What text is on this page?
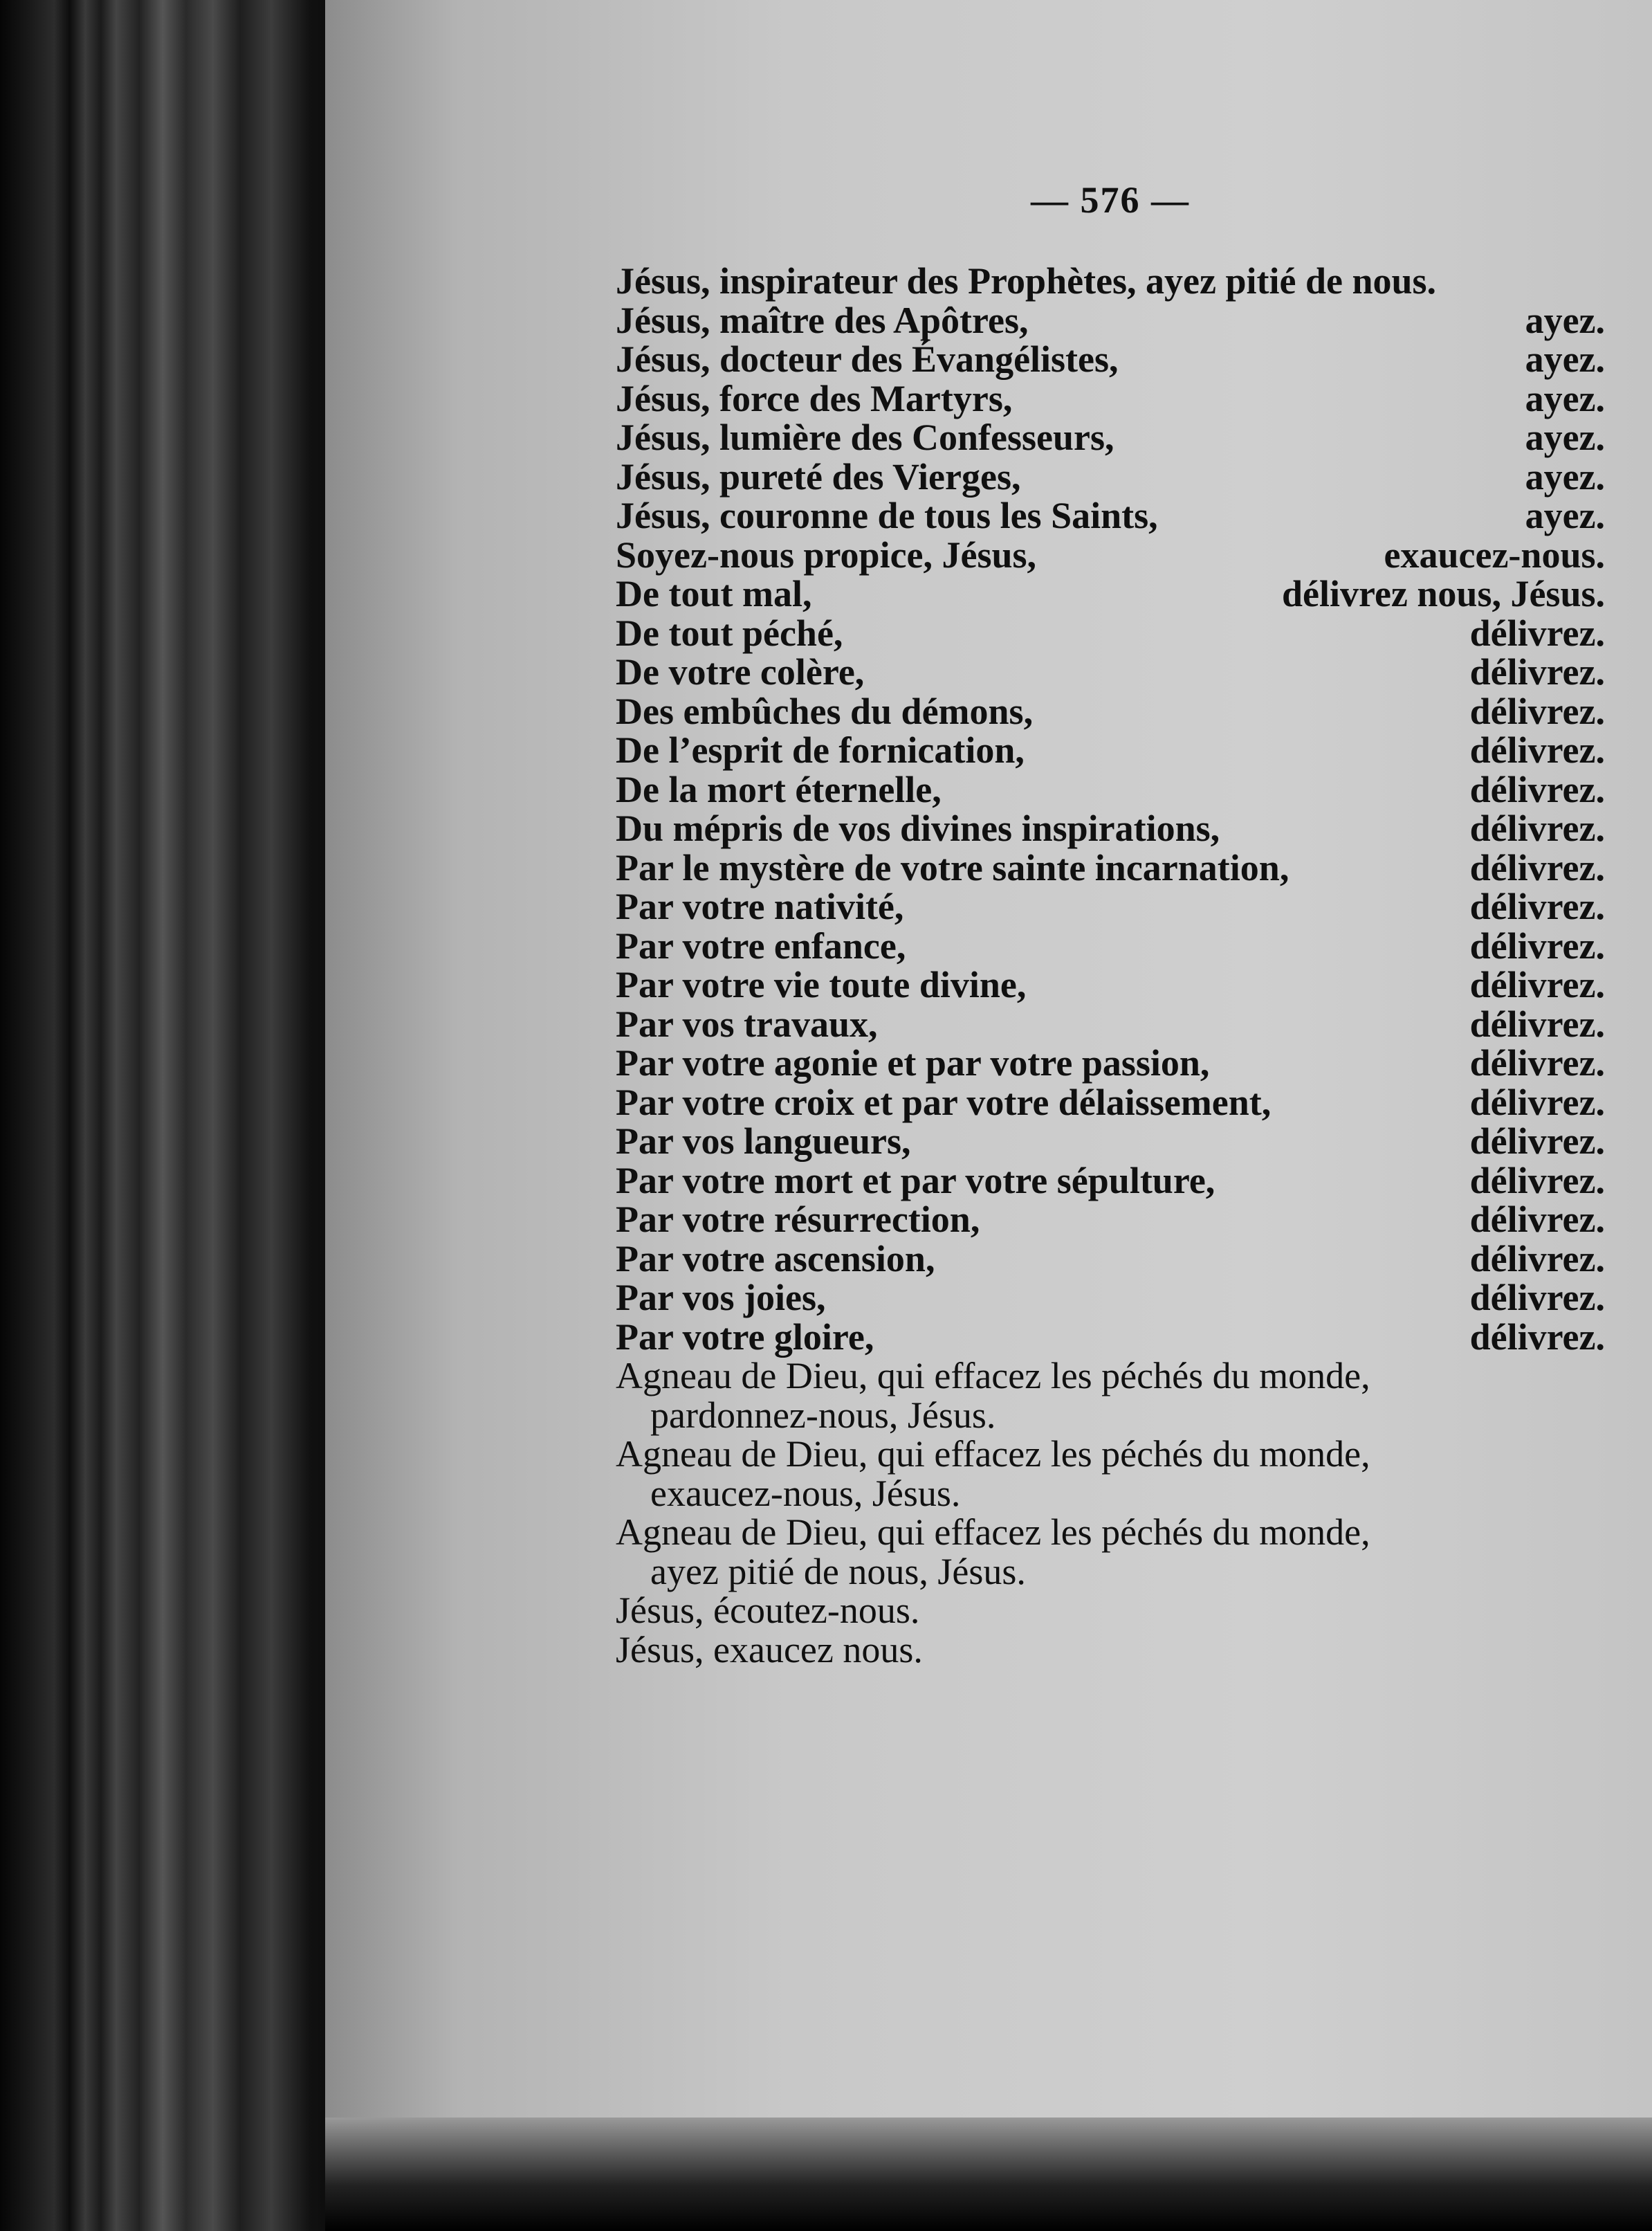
— 576 —
Jésus, inspirateur des Prophètes, ayez pitié de nous.
Jésus, maître des Apôtres,	ayez.
Jésus, docteur des Évangélistes,	ayez.
Jésus, force des Martyrs,	ayez.
Jésus, lumière des Confesseurs,	ayez.
Jésus, pureté des Vierges,	ayez.
Jésus, couronne de tous les Saints,	ayez.
Soyez-nous propice, Jésus,	exaucez-nous.
De tout mal,	délivrez nous, Jésus.
De tout péché,	délivrez.
De votre colère,	délivrez.
Des embûches du démons,	délivrez.
De l’esprit de fornication,	délivrez.
De la mort éternelle,	délivrez.
Du mépris de vos divines inspirations,	délivrez.
Par le mystère de votre sainte incarnation,	délivrez.
Par votre nativité,	délivrez.
Par votre enfance,	délivrez.
Par votre vie toute divine,	délivrez.
Par vos travaux,	délivrez.
Par votre agonie et par votre passion,	délivrez.
Par votre croix et par votre délaissement,	délivrez.
Par vos langueurs,	délivrez.
Par votre mort et par votre sépulture,	délivrez.
Par votre résurrection,	délivrez.
Par votre ascension,	délivrez.
Par vos joies,	délivrez.
Par votre gloire,	délivrez.
Agneau de Dieu, qui effacez les péchés du monde,
pardonnez-nous, Jésus.
Agneau de Dieu, qui effacez les péchés du monde,
exaucez-nous, Jésus.
Agneau de Dieu, qui effacez les péchés du monde,
ayez pitié de nous, Jésus.
Jésus, écoutez-nous.
Jésus, exaucez nous.
